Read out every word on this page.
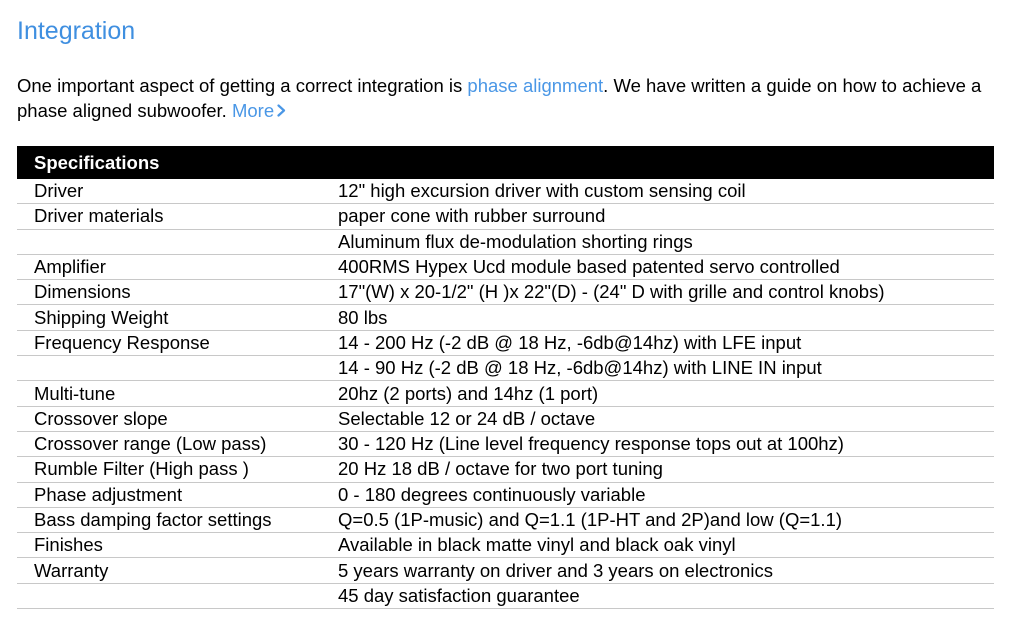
Integration

One important aspect of getting a correct integration is phase alignment. We have written a guide on how to achieve a phase aligned subwoofer. More

Specifications	
Driver	12" high excursion driver with custom sensing coil
Driver materials	paper cone with rubber surround
	Aluminum flux de-modulation shorting rings
Amplifier	400RMS Hypex Ucd module based patented servo controlled
Dimensions	17"(W) x 20-1/2" (H )x 22"(D) - (24" D with grille and control knobs)
Shipping Weight	80 lbs
Frequency Response	14 - 200 Hz (-2 dB @ 18 Hz, -6db@14hz) with LFE input
	14 - 90 Hz (-2 dB @ 18 Hz, -6db@14hz) with LINE IN input
Multi-tune	20hz (2 ports) and 14hz (1 port)
Crossover slope	Selectable 12 or 24 dB / octave
Crossover range (Low pass)	30 - 120 Hz (Line level frequency response tops out at 100hz)
Rumble Filter (High pass )	20 Hz 18 dB / octave for two port tuning
Phase adjustment	0 - 180 degrees continuously variable
Bass damping factor settings	Q=0.5 (1P-music) and Q=1.1 (1P-HT and 2P)and low (Q=1.1)
Finishes	Available in black matte vinyl and black oak vinyl
Warranty	5 years warranty on driver and 3 years on electronics
	45 day satisfaction guarantee
